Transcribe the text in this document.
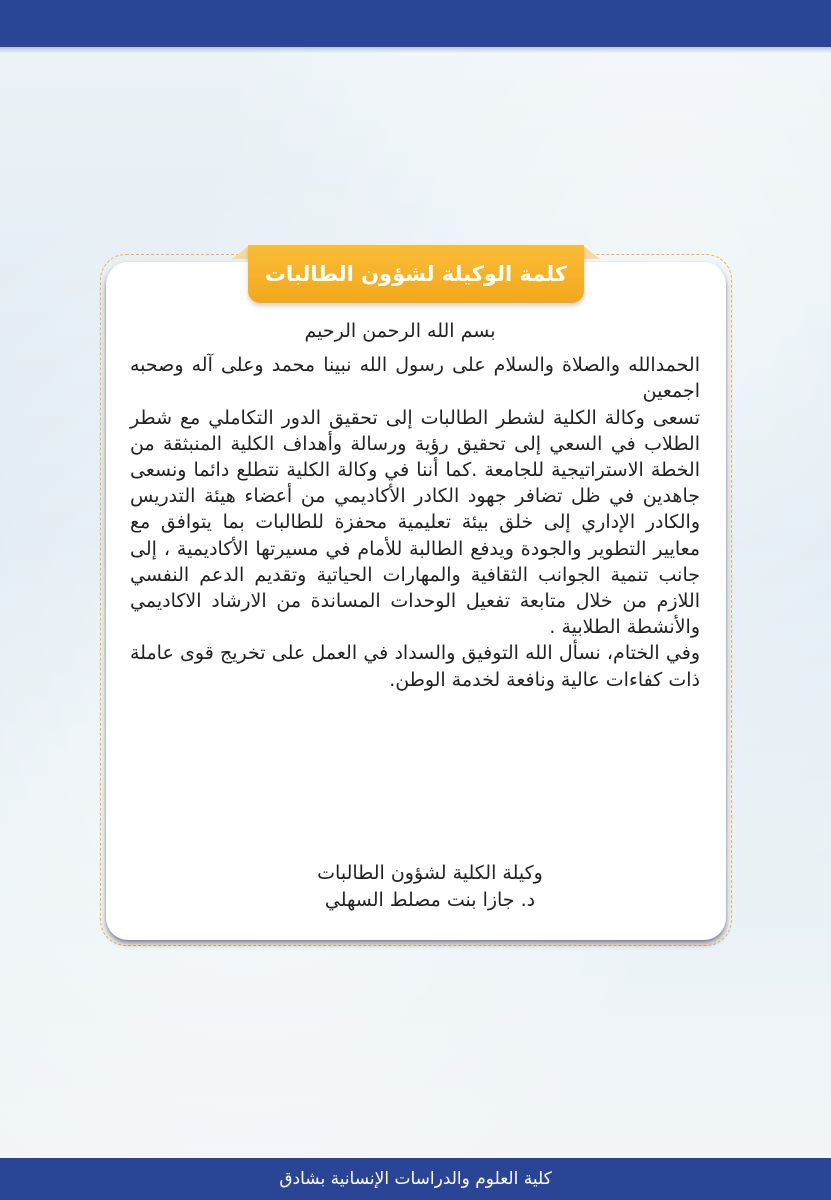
كلمة الوكيلة لشؤون الطالبات
بسم الله الرحمن الرحيم

الحمدالله والصلاة والسلام على رسول الله نبينا محمد وعلى آله وصحبه اجمعين

تسعى وكالة الكلية لشطر الطالبات إلى تحقيق الدور التكاملي مع شطر الطلاب في السعي إلى تحقيق رؤية ورسالة وأهداف الكلية المنبثقة من الخطة الاستراتيجية للجامعة .كما أننا في وكالة الكلية نتطلع دائما ونسعى جاهدين في ظل تضافر جهود الكادر الأكاديمي من أعضاء هيئة التدريس والكادر الإداري إلى خلق بيئة تعليمية محفزة للطالبات بما يتوافق مع معايير التطوير والجودة ويدفع الطالبة للأمام في مسيرتها الأكاديمية ، إلى جانب تنمية الجوانب الثقافية والمهارات الحياتية وتقديم الدعم النفسي اللازم من خلال متابعة تفعيل الوحدات المساندة من الارشاد الاكاديمي والأنشطة الطلابية .

وفي الختام، نسأل الله التوفيق والسداد في العمل على تخريج قوى عاملة ذات كفاءات عالية ونافعة لخدمة الوطن.

وكيلة الكلية لشؤون الطالبات
د. جازا بنت مصلط السهلي
كلية العلوم والدراسات الإنسانية بشادق
